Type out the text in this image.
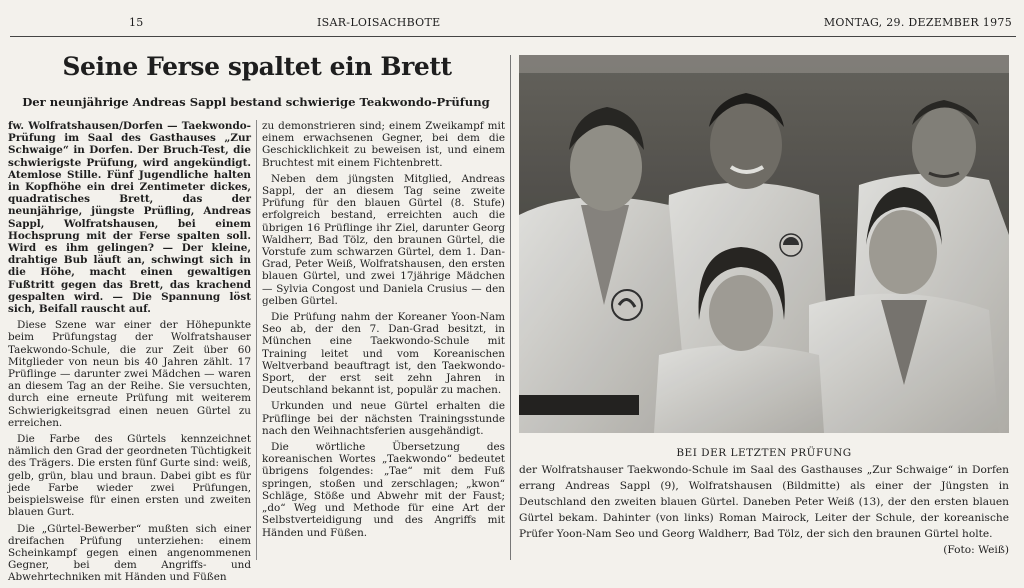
15	ISAR-LOISACHBOTE	MONTAG, 29. DEZEMBER 1975
Seine Ferse spaltet ein Brett
Der neunjährige Andreas Sappl bestand schwierige Teakwondo-Prüfung

fw. Wolfratshausen/Dorfen — Taekwondo-Prüfung im Saal des Gasthauses „Zur Schwaige“ in Dorfen. Der Bruch-Test, die schwierigste Prüfung, wird angekündigt. Atemlose Stille. Fünf Jugendliche halten in Kopfhöhe ein drei Zentimeter dickes, quadratisches Brett, das der neunjährige, jüngste Prüfling, Andreas Sappl, Wolfratshausen, bei einem Hochsprung mit der Ferse spalten soll. Wird es ihm gelingen? — Der kleine, drahtige Bub läuft an, schwingt sich in die Höhe, macht einen gewaltigen Fußtritt gegen das Brett, das krachend gespalten wird. — Die Spannung löst sich, Beifall rauscht auf.

Diese Szene war einer der Höhepunkte beim Prüfungstag der Wolfratshauser Taekwondo-Schule, die zur Zeit über 60 Mitglieder von neun bis 40 Jahren zählt. 17 Prüflinge — darunter zwei Mädchen — waren an diesem Tag an der Reihe. Sie versuchten, durch eine erneute Prüfung mit weiterem Schwierigkeitsgrad einen neuen Gürtel zu erreichen.

Die Farbe des Gürtels kennzeichnet nämlich den Grad der geordneten Tüchtigkeit des Trägers. Die ersten fünf Gurte sind: weiß, gelb, grün, blau und braun. Dabei gibt es für jede Farbe wieder zwei Prüfungen, beispielsweise für einen ersten und zweiten blauen Gurt.

Die „Gürtel-Bewerber“ mußten sich einer dreifachen Prüfung unterziehen: einem Scheinkampf gegen einen angenommenen Gegner, bei dem Angriffs- und Abwehrtechniken mit Händen und Füßen

zu demonstrieren sind; einem Zweikampf mit einem erwachsenen Gegner, bei dem die Geschicklichkeit zu beweisen ist, und einem Bruchtest mit einem Fichtenbrett.

Neben dem jüngsten Mitglied, Andreas Sappl, der an diesem Tag seine zweite Prüfung für den blauen Gürtel (8. Stufe) erfolgreich bestand, erreichten auch die übrigen 16 Prüflinge ihr Ziel, darunter Georg Waldherr, Bad Tölz, den braunen Gürtel, die Vorstufe zum schwarzen Gürtel, dem 1. Dan-Grad, Peter Weiß, Wolfratshausen, den ersten blauen Gürtel, und zwei 17jährige Mädchen — Sylvia Congost und Daniela Crusius — den gelben Gürtel.

Die Prüfung nahm der Koreaner Yoon-Nam Seo ab, der den 7. Dan-Grad besitzt, in München eine Taekwondo-Schule mit Training leitet und vom Koreanischen Weltverband beauftragt ist, den Taekwondo-Sport, der erst seit zehn Jahren in Deutschland bekannt ist, populär zu machen.

Urkunden und neue Gürtel erhalten die Prüflinge bei der nächsten Trainingsstunde nach den Weihnachtsferien ausgehändigt.

Die wörtliche Übersetzung des koreanischen Wortes „Taekwondo“ bedeutet übrigens folgendes: „Tae“ mit dem Fuß springen, stoßen und zerschlagen; „kwon“ Schläge, Stöße und Abwehr mit der Faust; „do“ Weg und Methode für eine Art der Selbstverteidigung und des Angriffs mit Händen und Füßen.

BEI DER LETZTEN PRÜFUNG
der Wolfratshauser Taekwondo-Schule im Saal des Gasthauses „Zur Schwaige“ in Dorfen errang Andreas Sappl (9), Wolfratshausen (Bildmitte) als einer der Jüngsten in Deutschland den zweiten blauen Gürtel. Daneben Peter Weiß (13), der den ersten blauen Gürtel bekam. Dahinter (von links) Roman Mairock, Leiter der Schule, der koreanische Prüfer Yoon-Nam Seo und Georg Waldherr, Bad Tölz, der sich den braunen Gürtel holte.
(Foto: Weiß)
